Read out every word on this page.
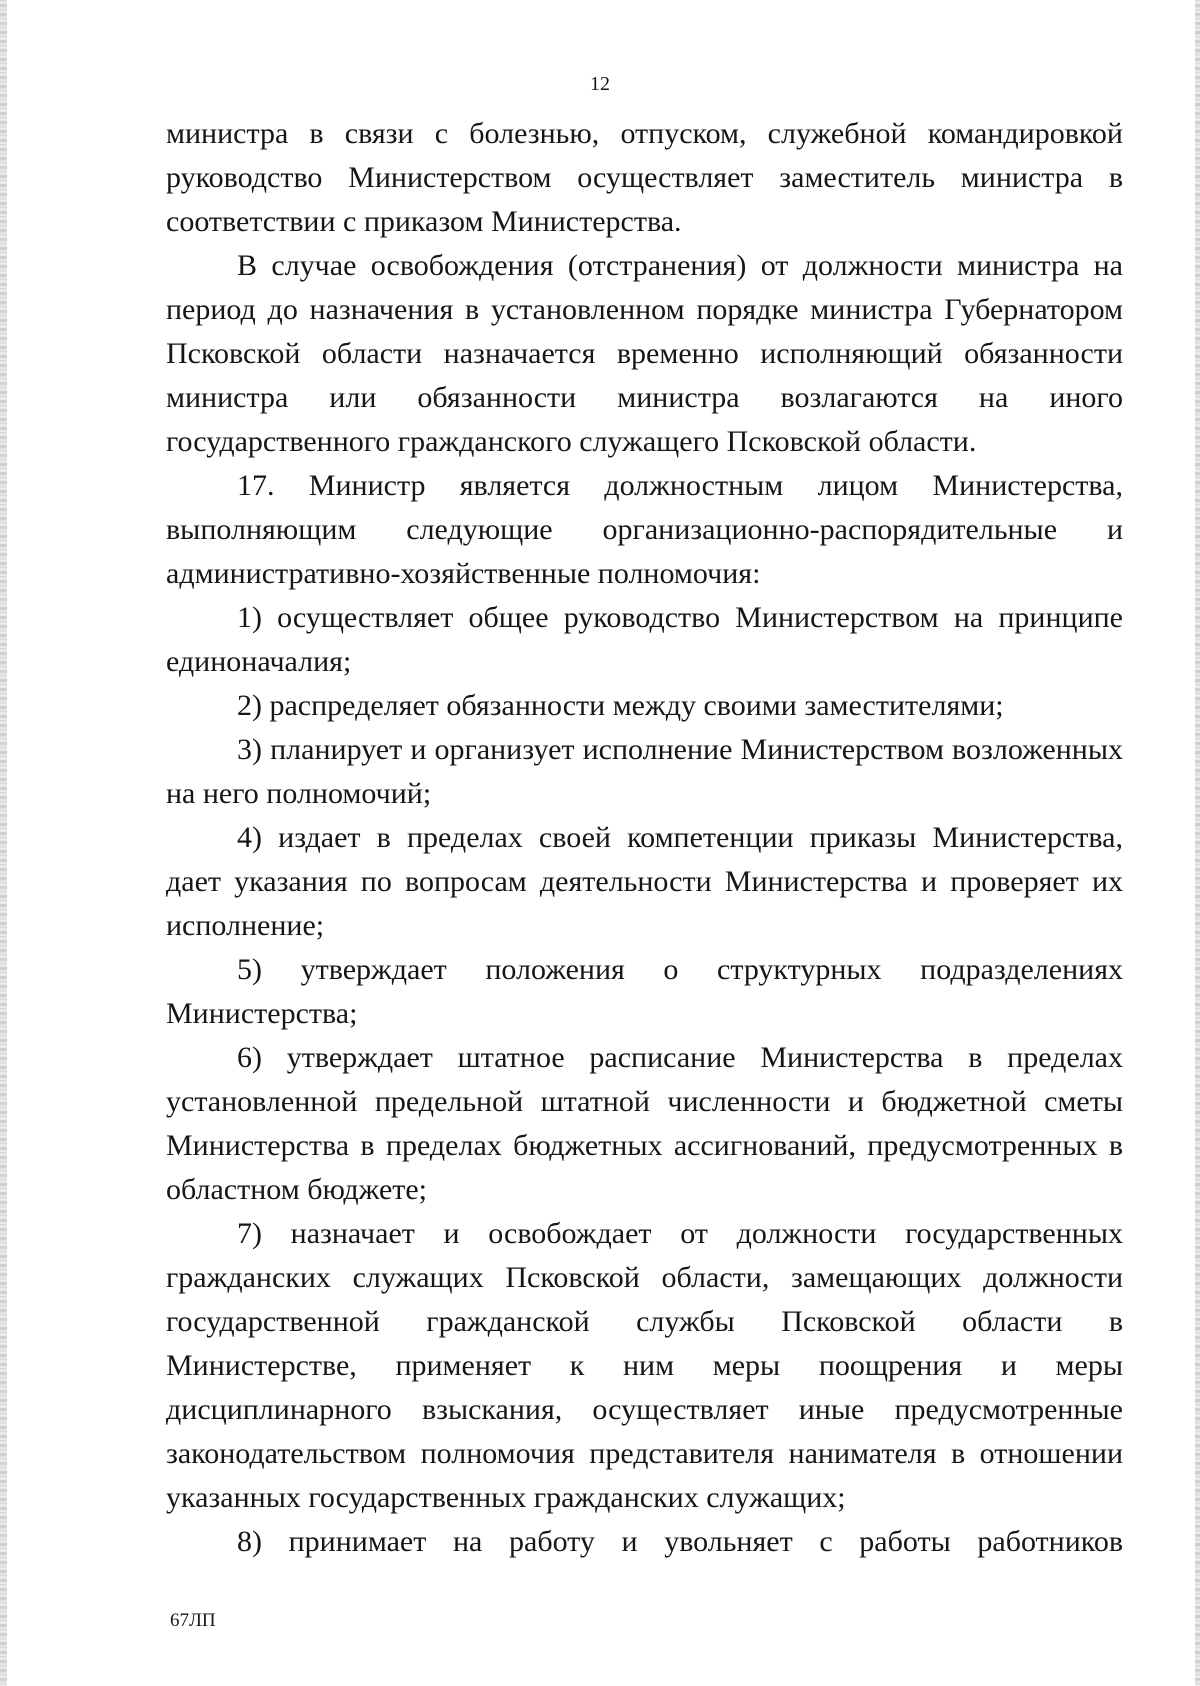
12

министра в связи с болезнью, отпуском, служебной командировкой руководство Министерством осуществляет заместитель министра в соответствии с приказом Министерства.

В случае освобождения (отстранения) от должности министра на период до назначения в установленном порядке министра Губернатором Псковской области назначается временно исполняющий обязанности министра или обязанности министра возлагаются на иного государственного гражданского служащего Псковской области.

17. Министр является должностным лицом Министерства, выполняющим следующие организационно-распорядительные и административно-хозяйственные полномочия:

1) осуществляет общее руководство Министерством на принципе единоначалия;

2) распределяет обязанности между своими заместителями;

3) планирует и организует исполнение Министерством возложенных на него полномочий;

4) издает в пределах своей компетенции приказы Министерства, дает указания по вопросам деятельности Министерства и проверяет их исполнение;

5) утверждает положения о структурных подразделениях Министерства;

6) утверждает штатное расписание Министерства в пределах установленной предельной штатной численности и бюджетной сметы Министерства в пределах бюджетных ассигнований, предусмотренных в областном бюджете;

7) назначает и освобождает от должности государственных гражданских служащих Псковской области, замещающих должности государственной гражданской службы Псковской области в Министерстве, применяет к ним меры поощрения и меры дисциплинарного взыскания, осуществляет иные предусмотренные законодательством полномочия представителя нанимателя в отношении указанных государственных гражданских служащих;

8) принимает на работу и увольняет с работы работников

67ЛП
